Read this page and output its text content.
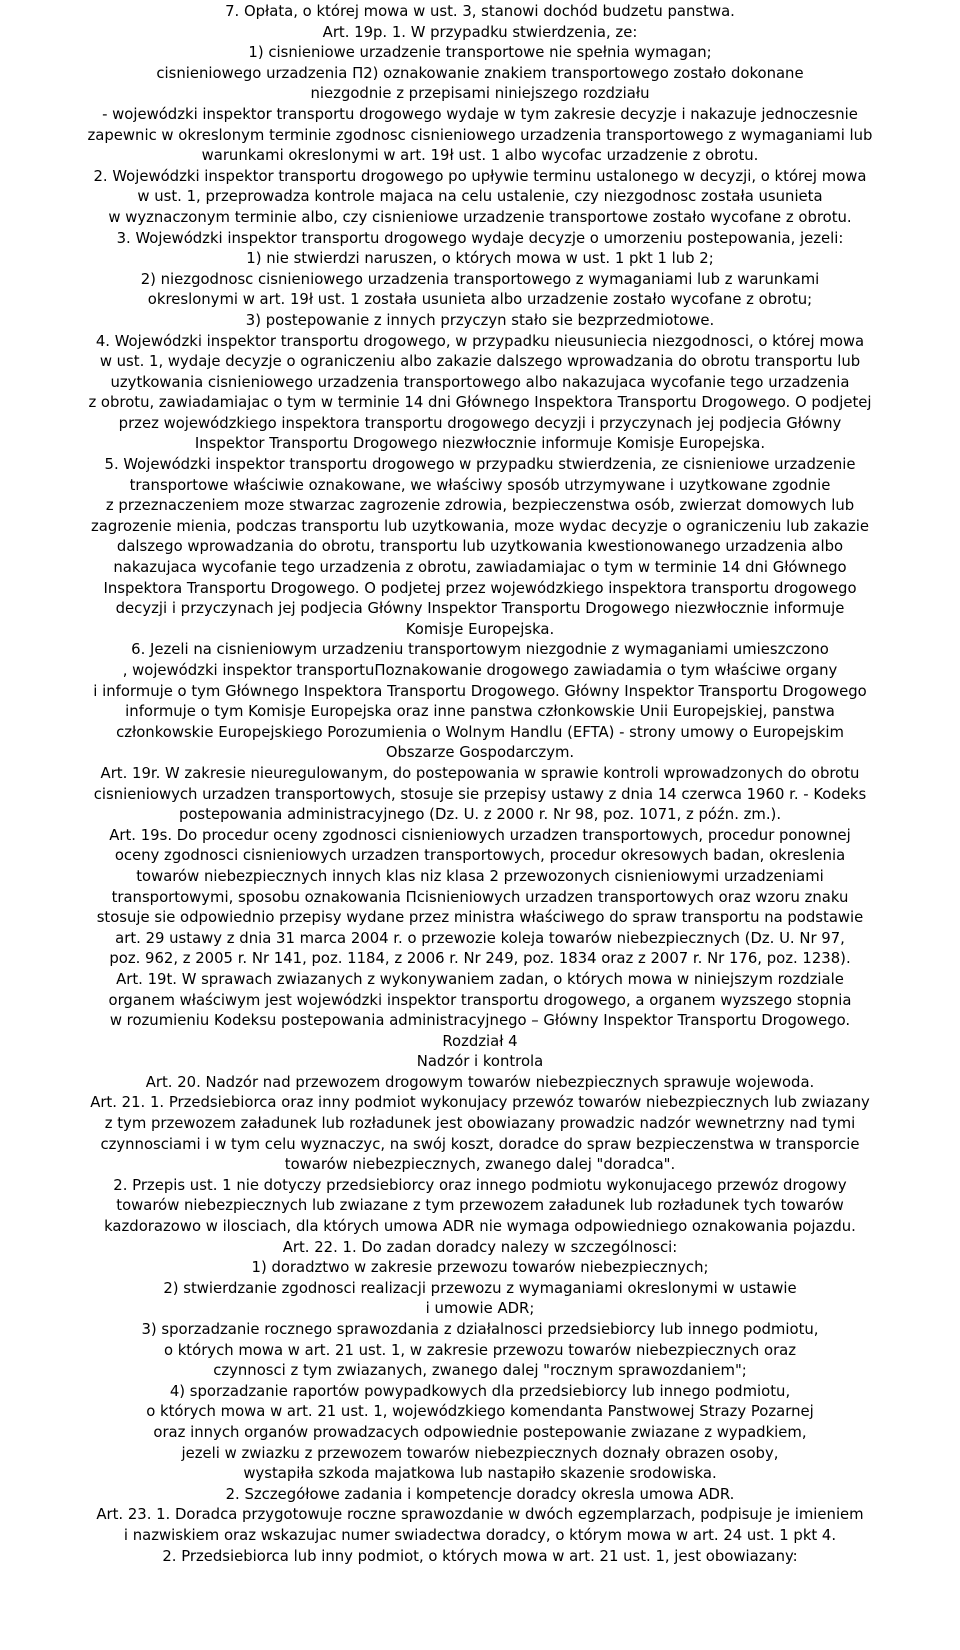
7. Opłata, o której mowa w ust. 3, stanowi dochód budzetu panstwa.
Art. 19p. 1. W przypadku stwierdzenia, ze:
1) cisnieniowe urzadzenie transportowe nie spełnia wymagan;
cisnieniowego urzadzenia П2) oznakowanie znakiem transportowego zostało dokonane
niezgodnie z przepisami niniejszego rozdziału
- wojewódzki inspektor transportu drogowego wydaje w tym zakresie decyzje i nakazuje jednoczesnie
zapewnic w okreslonym terminie zgodnosc cisnieniowego urzadzenia transportowego z wymaganiami lub
warunkami okreslonymi w art. 19ł ust. 1 albo wycofac urzadzenie z obrotu.
2. Wojewódzki inspektor transportu drogowego po upływie terminu ustalonego w decyzji, o której mowa
w ust. 1, przeprowadza kontrole majaca na celu ustalenie, czy niezgodnosc została usunieta
w wyznaczonym terminie albo, czy cisnieniowe urzadzenie transportowe zostało wycofane z obrotu.
3. Wojewódzki inspektor transportu drogowego wydaje decyzje o umorzeniu postepowania, jezeli:
1) nie stwierdzi naruszen, o których mowa w ust. 1 pkt 1 lub 2;
2) niezgodnosc cisnieniowego urzadzenia transportowego z wymaganiami lub z warunkami
okreslonymi w art. 19ł ust. 1 została usunieta albo urzadzenie zostało wycofane z obrotu;
3) postepowanie z innych przyczyn stało sie bezprzedmiotowe.
4. Wojewódzki inspektor transportu drogowego, w przypadku nieusuniecia niezgodnosci, o której mowa
w ust. 1, wydaje decyzje o ograniczeniu albo zakazie dalszego wprowadzania do obrotu transportu lub
uzytkowania cisnieniowego urzadzenia transportowego albo nakazujaca wycofanie tego urzadzenia
z obrotu, zawiadamiajac o tym w terminie 14 dni Głównego Inspektora Transportu Drogowego. O podjetej
przez wojewódzkiego inspektora transportu drogowego decyzji i przyczynach jej podjecia Główny
Inspektor Transportu Drogowego niezwłocznie informuje Komisje Europejska.
5. Wojewódzki inspektor transportu drogowego w przypadku stwierdzenia, ze cisnieniowe urzadzenie
transportowe właściwie oznakowane, we właściwy sposób utrzymywane i uzytkowane zgodnie
z przeznaczeniem moze stwarzac zagrozenie zdrowia, bezpieczenstwa osób, zwierzat domowych lub
zagrozenie mienia, podczas transportu lub uzytkowania, moze wydac decyzje o ograniczeniu lub zakazie
dalszego wprowadzania do obrotu, transportu lub uzytkowania kwestionowanego urzadzenia albo
nakazujaca wycofanie tego urzadzenia z obrotu, zawiadamiajac o tym w terminie 14 dni Głównego
Inspektora Transportu Drogowego. O podjetej przez wojewódzkiego inspektora transportu drogowego
decyzji i przyczynach jej podjecia Główny Inspektor Transportu Drogowego niezwłocznie informuje
Komisje Europejska.
6. Jezeli na cisnieniowym urzadzeniu transportowym niezgodnie z wymaganiami umieszczono
, wojewódzki inspektor transportuПoznakowanie drogowego zawiadamia o tym właściwe organy
i informuje o tym Głównego Inspektora Transportu Drogowego. Główny Inspektor Transportu Drogowego
informuje o tym Komisje Europejska oraz inne panstwa członkowskie Unii Europejskiej, panstwa
członkowskie Europejskiego Porozumienia o Wolnym Handlu (EFTA) - strony umowy o Europejskim
Obszarze Gospodarczym.
Art. 19r. W zakresie nieuregulowanym, do postepowania w sprawie kontroli wprowadzonych do obrotu
cisnieniowych urzadzen transportowych, stosuje sie przepisy ustawy z dnia 14 czerwca 1960 r. - Kodeks
postepowania administracyjnego (Dz. U. z 2000 r. Nr 98, poz. 1071, z późn. zm.).
Art. 19s. Do procedur oceny zgodnosci cisnieniowych urzadzen transportowych, procedur ponownej
oceny zgodnosci cisnieniowych urzadzen transportowych, procedur okresowych badan, okreslenia
towarów niebezpiecznych innych klas niz klasa 2 przewozonych cisnieniowymi urzadzeniami
transportowymi, sposobu oznakowania Пcisnieniowych urzadzen transportowych oraz wzoru znaku
stosuje sie odpowiednio przepisy wydane przez ministra właściwego do spraw transportu na podstawie
art. 29 ustawy z dnia 31 marca 2004 r. o przewozie koleja towarów niebezpiecznych (Dz. U. Nr 97,
poz. 962, z 2005 r. Nr 141, poz. 1184, z 2006 r. Nr 249, poz. 1834 oraz z 2007 r. Nr 176, poz. 1238).
Art. 19t. W sprawach zwiazanych z wykonywaniem zadan, o których mowa w niniejszym rozdziale
organem właściwym jest wojewódzki inspektor transportu drogowego, a organem wyzszego stopnia
w rozumieniu Kodeksu postepowania administracyjnego – Główny Inspektor Transportu Drogowego.
Rozdział 4
Nadzór i kontrola
Art. 20. Nadzór nad przewozem drogowym towarów niebezpiecznych sprawuje wojewoda.
Art. 21. 1. Przedsiebiorca oraz inny podmiot wykonujacy przewóz towarów niebezpiecznych lub zwiazany
z tym przewozem załadunek lub rozładunek jest obowiazany prowadzic nadzór wewnetrzny nad tymi
czynnosciami i w tym celu wyznaczyc, na swój koszt, doradce do spraw bezpieczenstwa w transporcie
towarów niebezpiecznych, zwanego dalej "doradca".
2. Przepis ust. 1 nie dotyczy przedsiebiorcy oraz innego podmiotu wykonujacego przewóz drogowy
towarów niebezpiecznych lub zwiazane z tym przewozem załadunek lub rozładunek tych towarów
kazdorazowo w ilosciach, dla których umowa ADR nie wymaga odpowiedniego oznakowania pojazdu.
Art. 22. 1. Do zadan doradcy nalezy w szczególnosci:
1) doradztwo w zakresie przewozu towarów niebezpiecznych;
2) stwierdzanie zgodnosci realizacji przewozu z wymaganiami okreslonymi w ustawie
i umowie ADR;
3) sporzadzanie rocznego sprawozdania z działalnosci przedsiebiorcy lub innego podmiotu,
o których mowa w art. 21 ust. 1, w zakresie przewozu towarów niebezpiecznych oraz
czynnosci z tym zwiazanych, zwanego dalej "rocznym sprawozdaniem";
4) sporzadzanie raportów powypadkowych dla przedsiebiorcy lub innego podmiotu,
o których mowa w art. 21 ust. 1, wojewódzkiego komendanta Panstwowej Strazy Pozarnej
oraz innych organów prowadzacych odpowiednie postepowanie zwiazane z wypadkiem,
jezeli w zwiazku z przewozem towarów niebezpiecznych doznały obrazen osoby,
wystapiła szkoda majatkowa lub nastapiło skazenie srodowiska.
2. Szczegółowe zadania i kompetencje doradcy okresla umowa ADR.
Art. 23. 1. Doradca przygotowuje roczne sprawozdanie w dwóch egzemplarzach, podpisuje je imieniem
i nazwiskiem oraz wskazujac numer swiadectwa doradcy, o którym mowa w art. 24 ust. 1 pkt 4.
2. Przedsiebiorca lub inny podmiot, o których mowa w art. 21 ust. 1, jest obowiazany:
